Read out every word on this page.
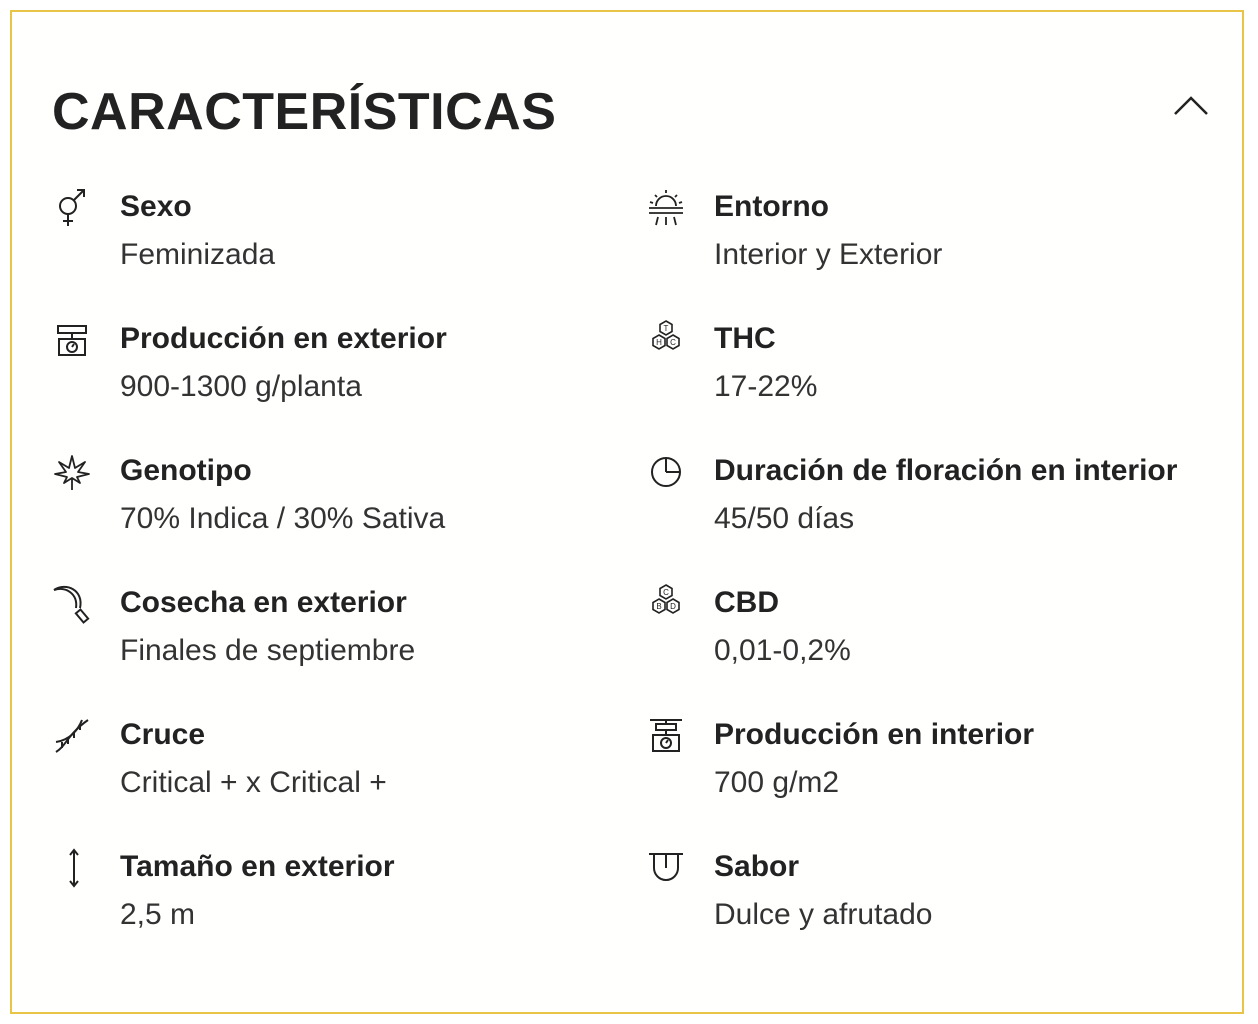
CARACTERÍSTICAS
Sexo
Feminizada
Producción en exterior
900-1300 g/planta
Genotipo
70% Indica / 30% Sativa
Cosecha en exterior
Finales de septiembre
Cruce
Critical + x Critical +
Tamaño en exterior
2,5 m
Entorno
Interior y Exterior
T
H C THC
17-22%
Duración de floración en interior
45/50 días
C
B D CBD
0,01-0,2%
Producción en interior
700 g/m2
Sabor
Dulce y afrutado
